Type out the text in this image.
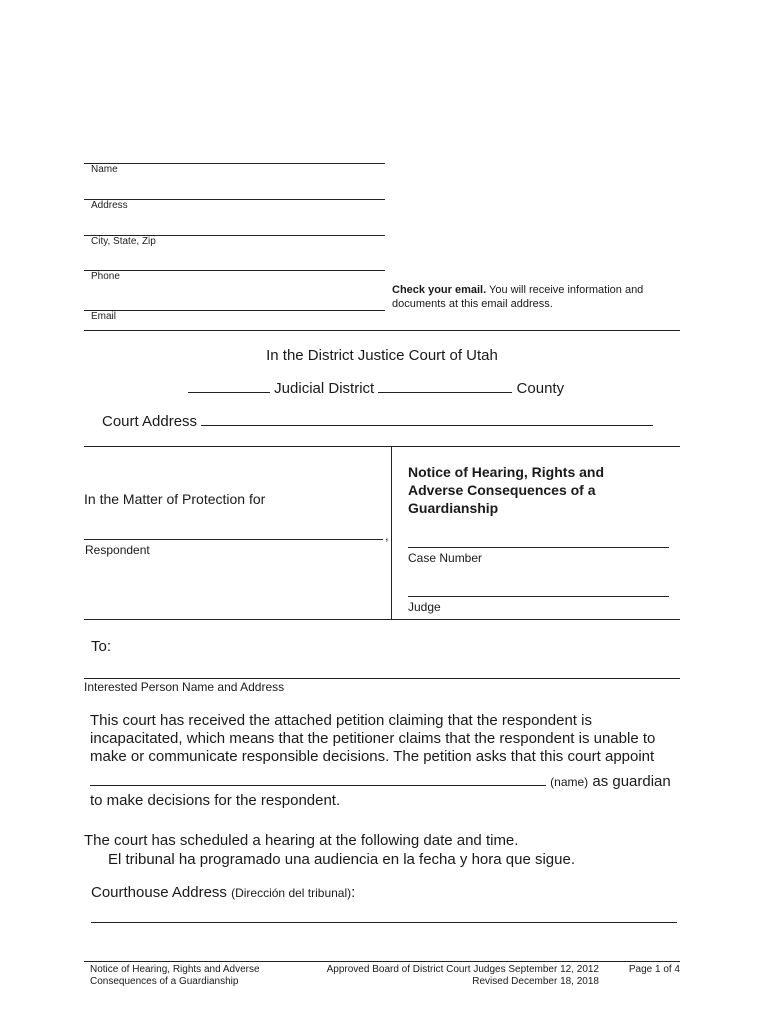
Name
Address
City, State, Zip
Phone
Check your email. You will receive information and documents at this email address.
Email
In the District Justice Court of Utah
Judicial District	County
Court Address
In the Matter of Protection for
,
Respondent
Notice of Hearing, Rights and Adverse Consequences of a Guardianship
Case Number
Judge
To:
Interested Person Name and Address
This court has received the attached petition claiming that the respondent is incapacitated, which means that the petitioner claims that the respondent is unable to make or communicate responsible decisions. The petition asks that this court appoint
(name) as guardian
to make decisions for the respondent.
The court has scheduled a hearing at the following date and time.
El tribunal ha programado una audiencia en la fecha y hora que sigue.
Courthouse Address (Dirección del tribunal):
Notice of Hearing, Rights and Adverse
Consequences of a Guardianship
Approved Board of District Court Judges September 12, 2012
Revised December 18, 2018
Page 1 of 4
